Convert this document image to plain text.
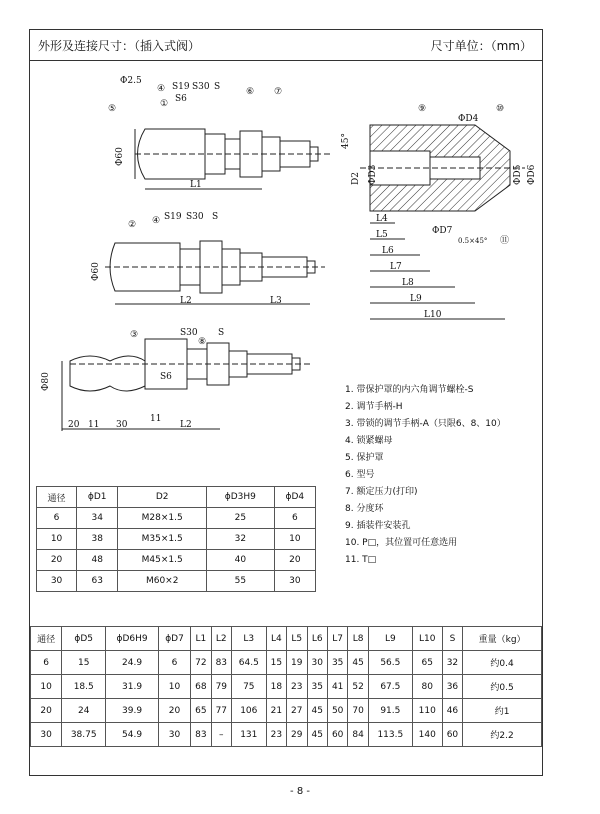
外形及连接尺寸：（插入式阀）	尺寸单位：（mm）
Φ2.5
④
①
S19 S30 S
S6
⑤
⑥ ⑦
Φ60
L1
② ④ S19 S30 S
Φ60
L2	L3
③	S30
⑧
S
S6
Φ80
20 11 30
11
L2
⑨	⑩
⑪
45°
D2 ΦD3
ΦD4
ΦD5 ΦD6
ΦD7
0.5×45°
L4
L5
L6
L7
L8
L9
L10
1. 带保护罩的内六角调节螺栓-S
2. 调节手柄-H
3. 带锁的调节手柄-A（只限6、8、10）
4. 锁紧螺母
5. 保护罩
6. 型号
7. 额定压力(打印)
8. 分度环
9. 插装件安装孔
10. P□，其位置可任意选用
11. T□
通径	ϕD1	D2	ϕD3H9	ϕD4
6	34	M28×1.5	25	6
10	38	M35×1.5	32	10
20	48	M45×1.5	40	20
30	63	M60×2	55	30
通径	ϕD5	ϕD6H9	ϕD7	L1	L2	L3	L4	L5	L6	L7	L8	L9	L10	S	重量（kg）
6	15	24.9	6	72	83	64.5	15	19	30	35	45	56.5	65	32	约0.4
10	18.5	31.9	10	68	79	75	18	23	35	41	52	67.5	80	36	约0.5
20	24	39.9	20	65	77	106	21	27	45	50	70	91.5	110	46	约1
30	38.75	54.9	30	83	–	131	23	29	45	60	84	113.5	140	60	约2.2
- 8 -
